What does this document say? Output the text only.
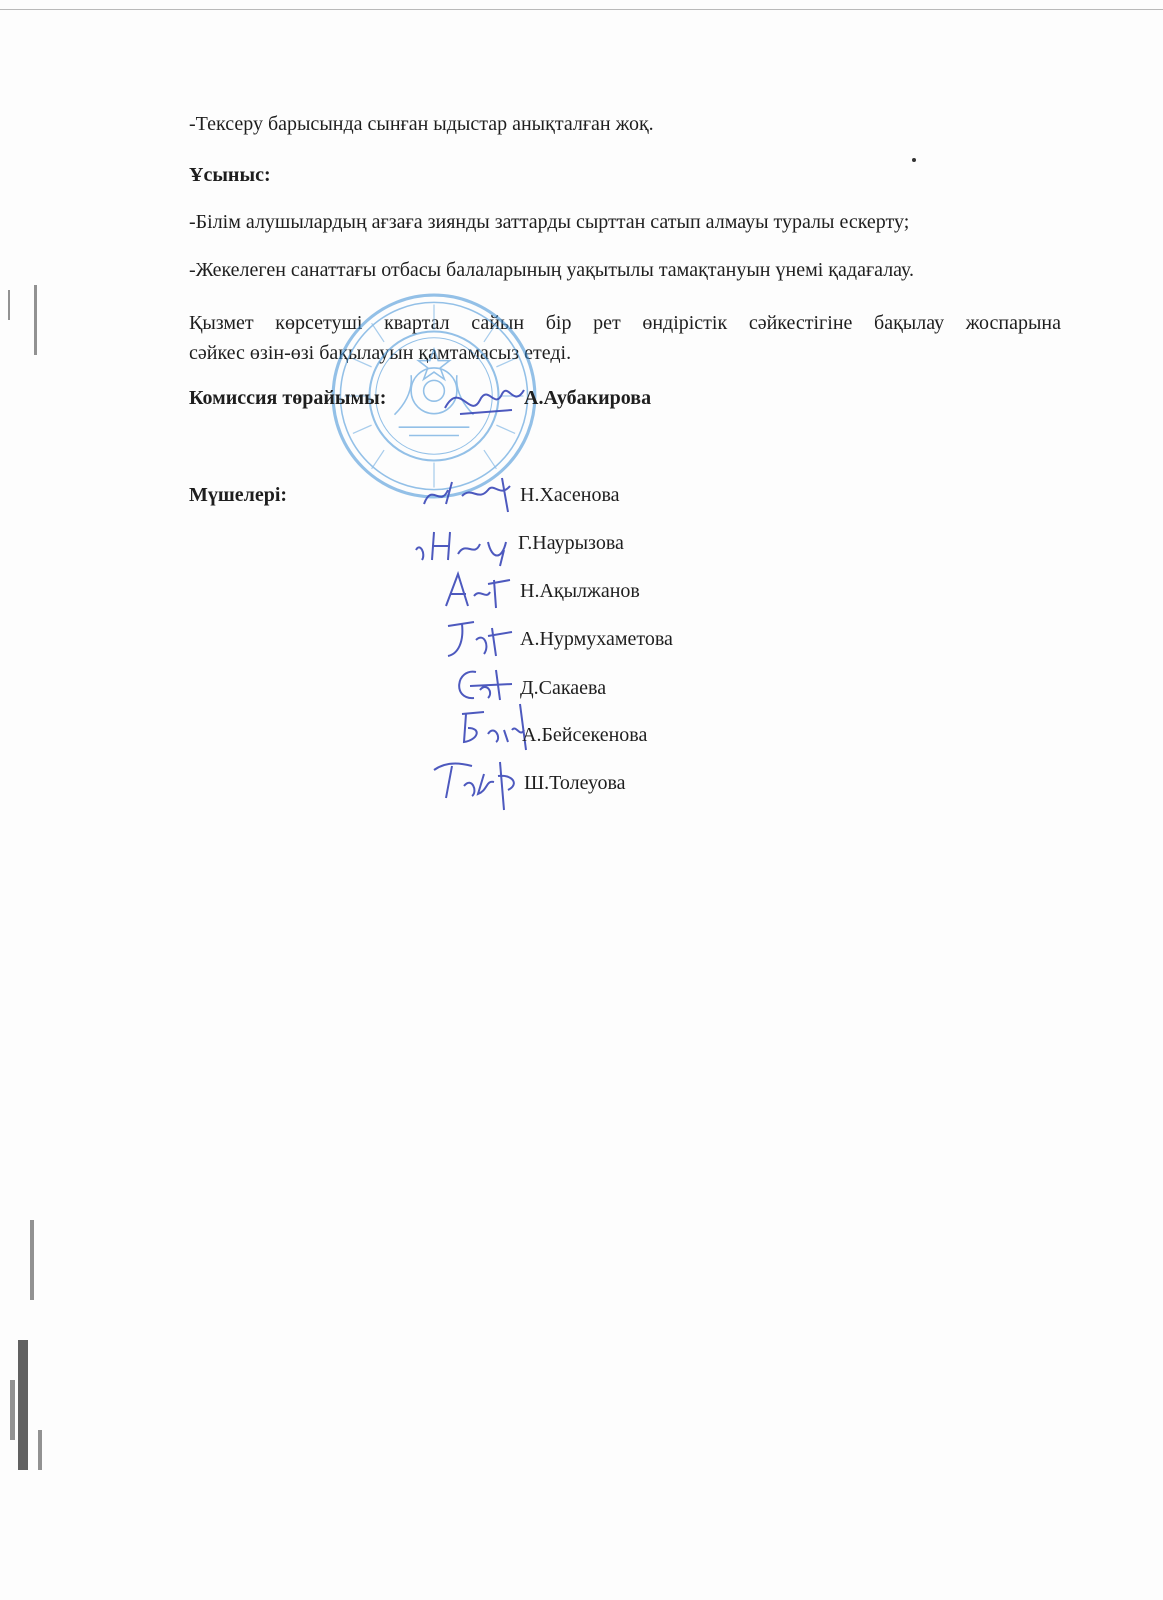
-Тексеру барысында сынған ыдыстар анықталған жоқ.
Ұсыныс:
-Білім алушылардың ағзаға зиянды заттарды сырттан сатып алмауы туралы ескерту;
-Жекелеген санаттағы отбасы балаларының уақытылы тамақтануын үнемі қадағалау.
Қызмет көрсетуші квартал сайын бір рет өндірістік сәйкестігіне бақылау жоспарына
сәйкес өзін-өзі бақылауын қамтамасыз етеді.
Комиссия төрайымы:	А.Аубакирова
Мүшелері:	Н.Хасенова
Г.Наурызова
Н.Ақылжанов
А.Нурмухаметова
Д.Сакаева
А.Бейсекенова
Ш.Толеуова
